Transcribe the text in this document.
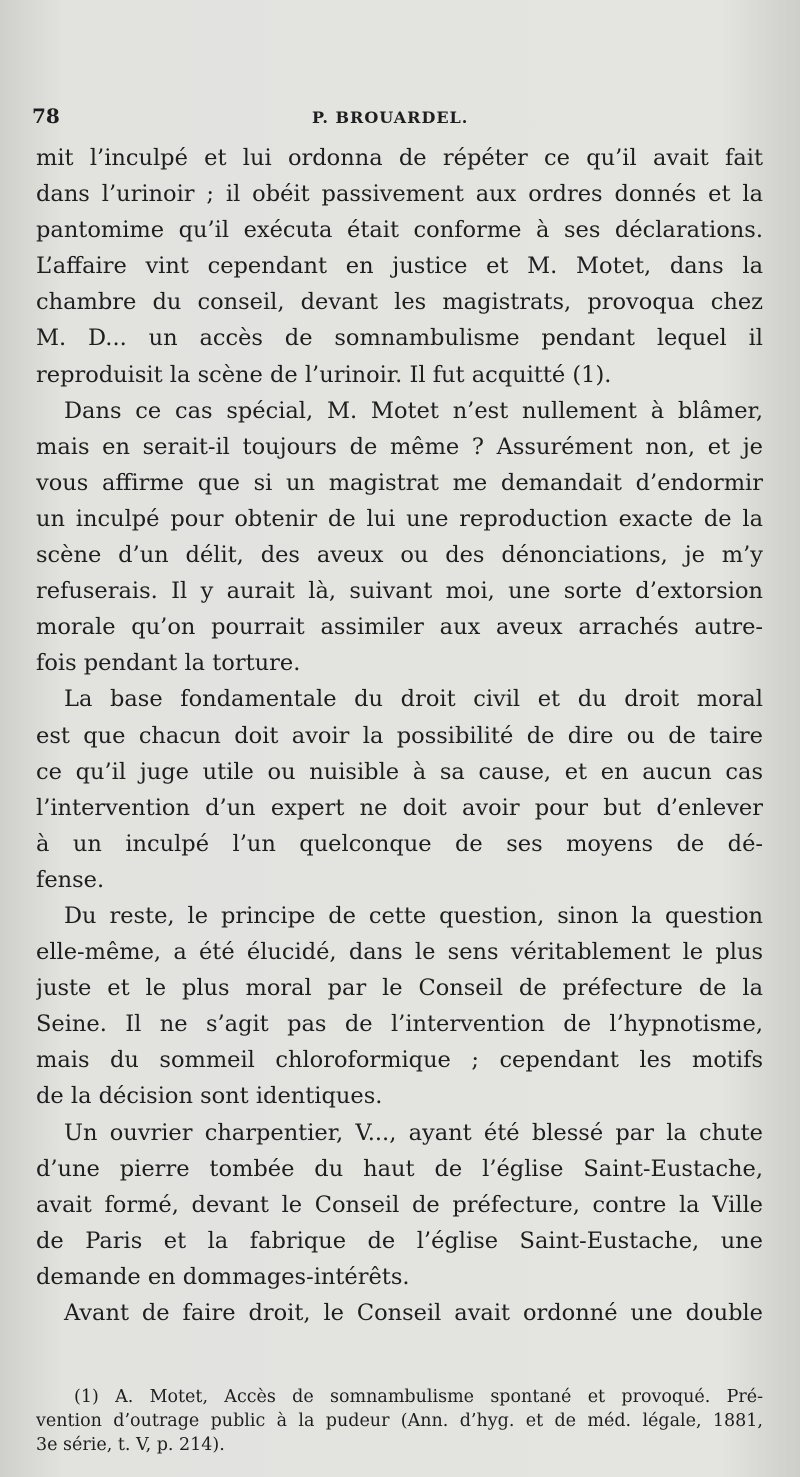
78	P. BROUARDEL.
mit l’inculpé et lui ordonna de répéter ce qu’il avait fait
dans l’urinoir ; il obéit passivement aux ordres donnés et la
pantomime qu’il exécuta était conforme à ses déclarations.
L’affaire vint cependant en justice et M. Motet, dans la
chambre du conseil, devant les magistrats, provoqua chez
M. D... un accès de somnambulisme pendant lequel il
reproduisit la scène de l’urinoir. Il fut acquitté (1).
Dans ce cas spécial, M. Motet n’est nullement à blâmer,
mais en serait-il toujours de même ? Assurément non, et je
vous affirme que si un magistrat me demandait d’endormir
un inculpé pour obtenir de lui une reproduction exacte de la
scène d’un délit, des aveux ou des dénonciations, je m’y
refuserais. Il y aurait là, suivant moi, une sorte d’extorsion
morale qu’on pourrait assimiler aux aveux arrachés autre-
fois pendant la torture.
La base fondamentale du droit civil et du droit moral
est que chacun doit avoir la possibilité de dire ou de taire
ce qu’il juge utile ou nuisible à sa cause, et en aucun cas
l’intervention d’un expert ne doit avoir pour but d’enlever
à un inculpé l’un quelconque de ses moyens de dé-
fense.
Du reste, le principe de cette question, sinon la question
elle-même, a été élucidé, dans le sens véritablement le plus
juste et le plus moral par le Conseil de préfecture de la
Seine. Il ne s’agit pas de l’intervention de l’hypnotisme,
mais du sommeil chloroformique ; cependant les motifs
de la décision sont identiques.
Un ouvrier charpentier, V..., ayant été blessé par la chute
d’une pierre tombée du haut de l’église Saint-Eustache,
avait formé, devant le Conseil de préfecture, contre la Ville
de Paris et la fabrique de l’église Saint-Eustache, une
demande en dommages-intérêts.
Avant de faire droit, le Conseil avait ordonné une double
(1) A. Motet, Accès de somnambulisme spontané et provoqué. Pré-
vention d’outrage public à la pudeur (Ann. d’hyg. et de méd. légale, 1881,
3e série, t. V, p. 214).
